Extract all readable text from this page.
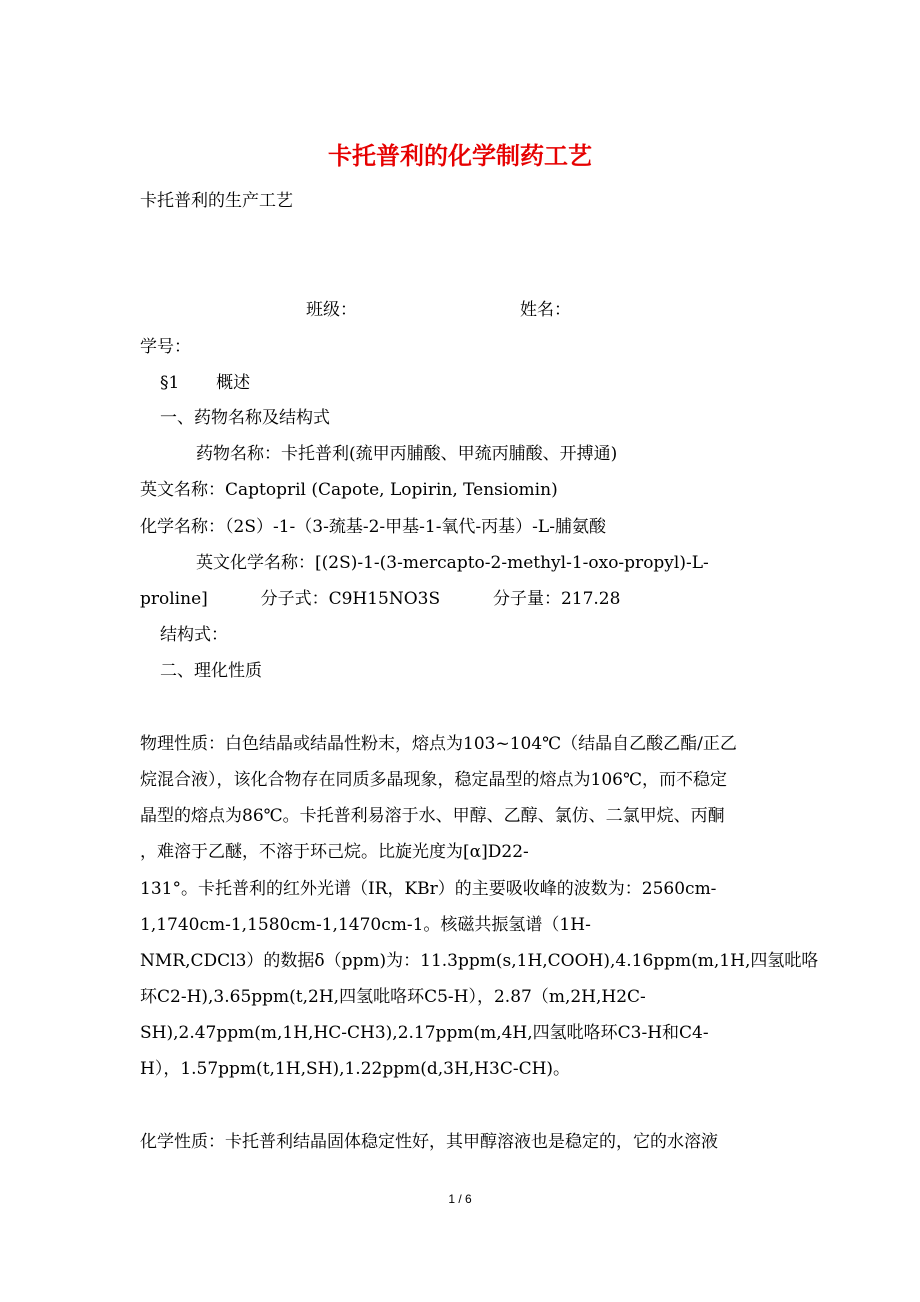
卡托普利的化学制药工艺
卡托普利的生产工艺
班级：	姓名：
学号：
§1 概述
一、药物名称及结构式
药物名称：卡托普利(巯甲丙脯酸、甲巯丙脯酸、开搏通)
英文名称：Captopril (Capote, Lopirin, Tensiomin)
化学名称：（2S）-1-（3-巯基-2-甲基-1-氧代-丙基）-L-脯氨酸
英文化学名称：[(2S)-1-(3-mercapto-2-methyl-1-oxo-propyl)-L-
proline]	分子式：C9H15NO3S	分子量：217.28
结构式：
二、理化性质
物理性质：白色结晶或结晶性粉末，熔点为103~104℃（结晶自乙酸乙酯/正乙
烷混合液），该化合物存在同质多晶现象，稳定晶型的熔点为106℃，而不稳定
晶型的熔点为86℃。卡托普利易溶于水、甲醇、乙醇、氯仿、二氯甲烷、丙酮
，难溶于乙醚，不溶于环己烷。比旋光度为[α]D22-
131°。卡托普利的红外光谱（IR，KBr）的主要吸收峰的波数为：2560cm-
1,1740cm-1,1580cm-1,1470cm-1。核磁共振氢谱（1H-
NMR,CDCl3）的数据δ（ppm)为：11.3ppm(s,1H,COOH),4.16ppm(m,1H,四氢吡咯
环C2-H),3.65ppm(t,2H,四氢吡咯环C5-H），2.87（m,2H,H2C-
SH),2.47ppm(m,1H,HC-CH3),2.17ppm(m,4H,四氢吡咯环C3-H和C4-
H），1.57ppm(t,1H,SH),1.22ppm(d,3H,H3C-CH)。
化学性质：卡托普利结晶固体稳定性好，其甲醇溶液也是稳定的，它的水溶液
1 / 6
